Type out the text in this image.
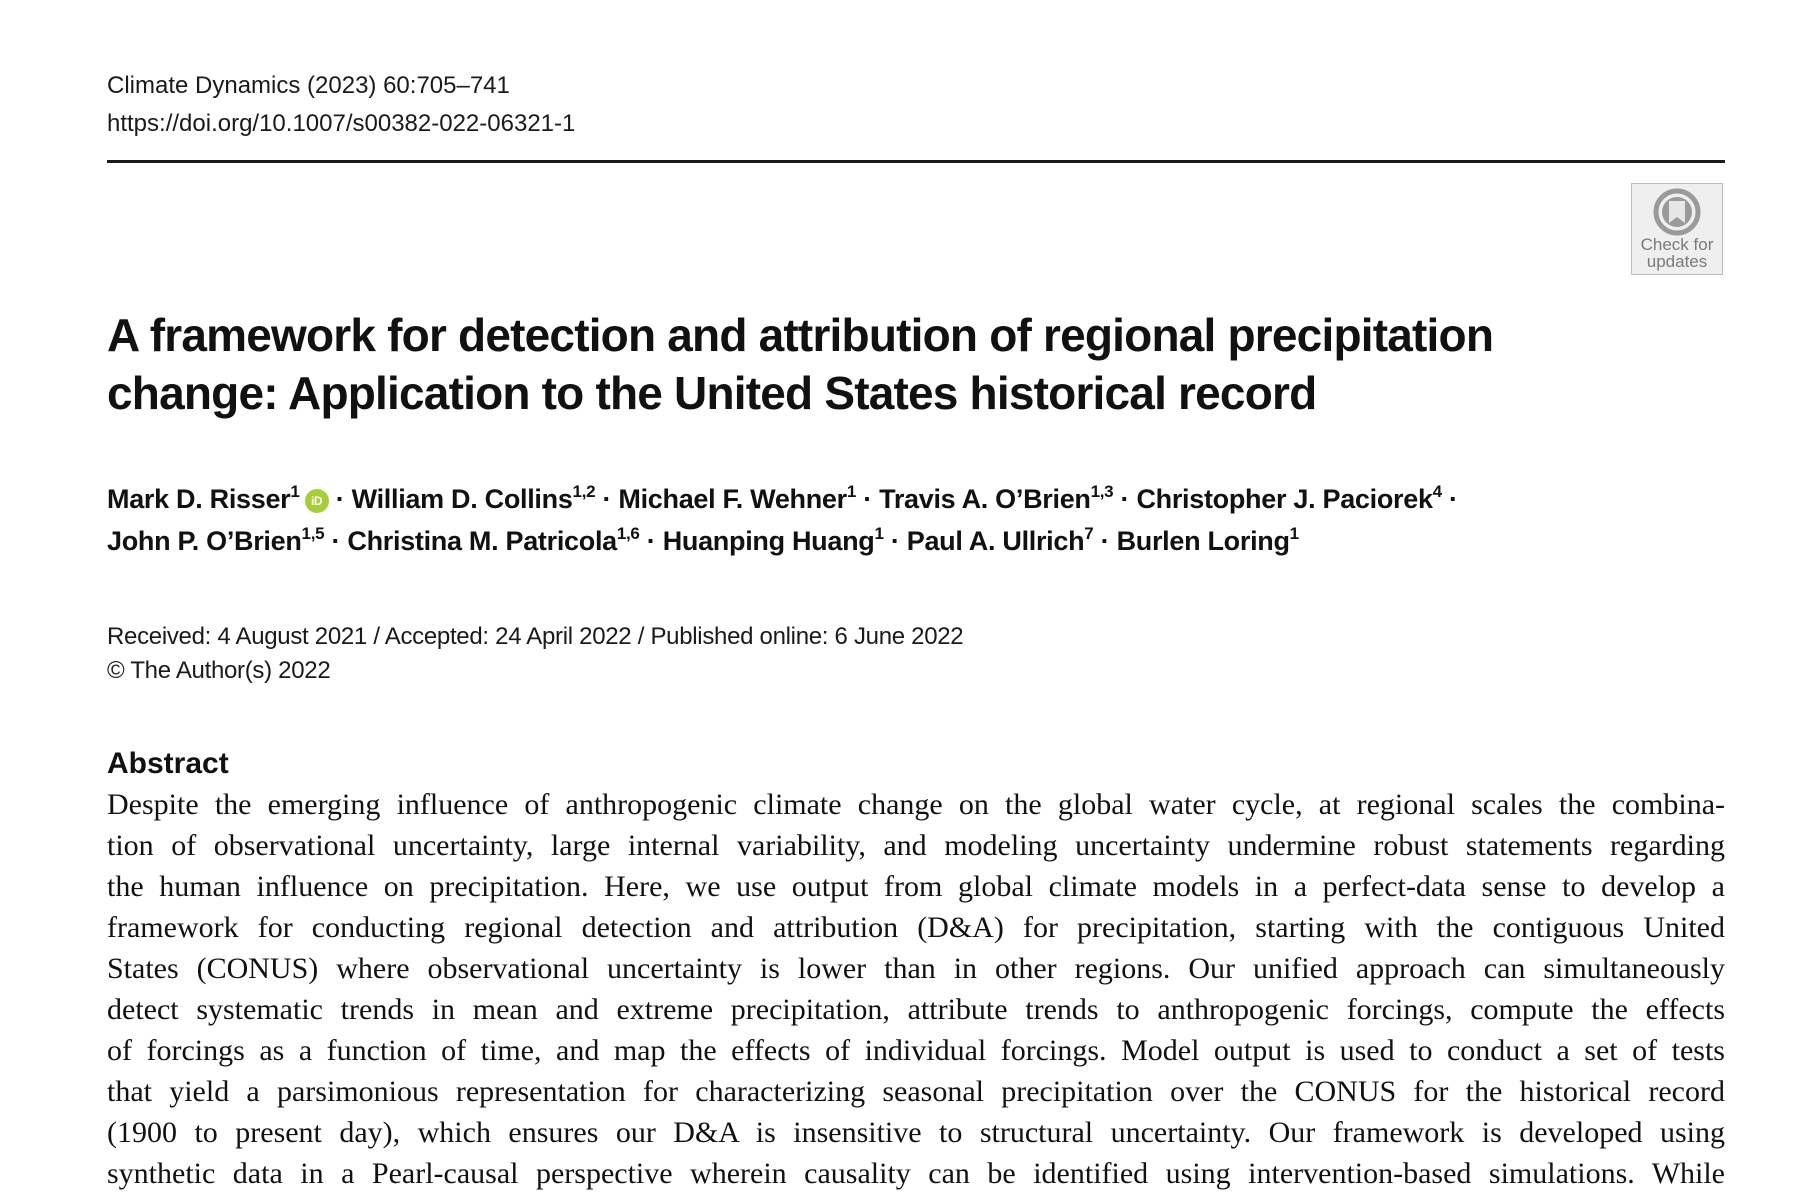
Climate Dynamics (2023) 60:705–741
https://doi.org/10.1007/s00382-022-06321-1
Check for
updates
A framework for detection and attribution of regional precipitation
change: Application to the United States historical record
Mark D. Risser$^1$ iD · William D. Collins$^{1,2}$ · Michael F. Wehner$^1$ · Travis A. O’Brien$^{1,3}$ · Christopher J. Paciorek$^4$ ·
John P. O’Brien$^{1,5}$ · Christina M. Patricola$^{1,6}$ · Huanping Huang$^1$ · Paul A. Ullrich$^7$ · Burlen Loring$^1$
Received: 4 August 2021 / Accepted: 24 April 2022 / Published online: 6 June 2022
© The Author(s) 2022
Abstract
Despite the emerging influence of anthropogenic climate change on the global water cycle, at regional scales the combina-
tion of observational uncertainty, large internal variability, and modeling uncertainty undermine robust statements regarding
the human influence on precipitation. Here, we use output from global climate models in a perfect-data sense to develop a
framework for conducting regional detection and attribution (D&A) for precipitation, starting with the contiguous United
States (CONUS) where observational uncertainty is lower than in other regions. Our unified approach can simultaneously
detect systematic trends in mean and extreme precipitation, attribute trends to anthropogenic forcings, compute the effects
of forcings as a function of time, and map the effects of individual forcings. Model output is used to conduct a set of tests
that yield a parsimonious representation for characterizing seasonal precipitation over the CONUS for the historical record
(1900 to present day), which ensures our D&A is insensitive to structural uncertainty. Our framework is developed using
synthetic data in a Pearl-causal perspective wherein causality can be identified using intervention-based simulations. While
